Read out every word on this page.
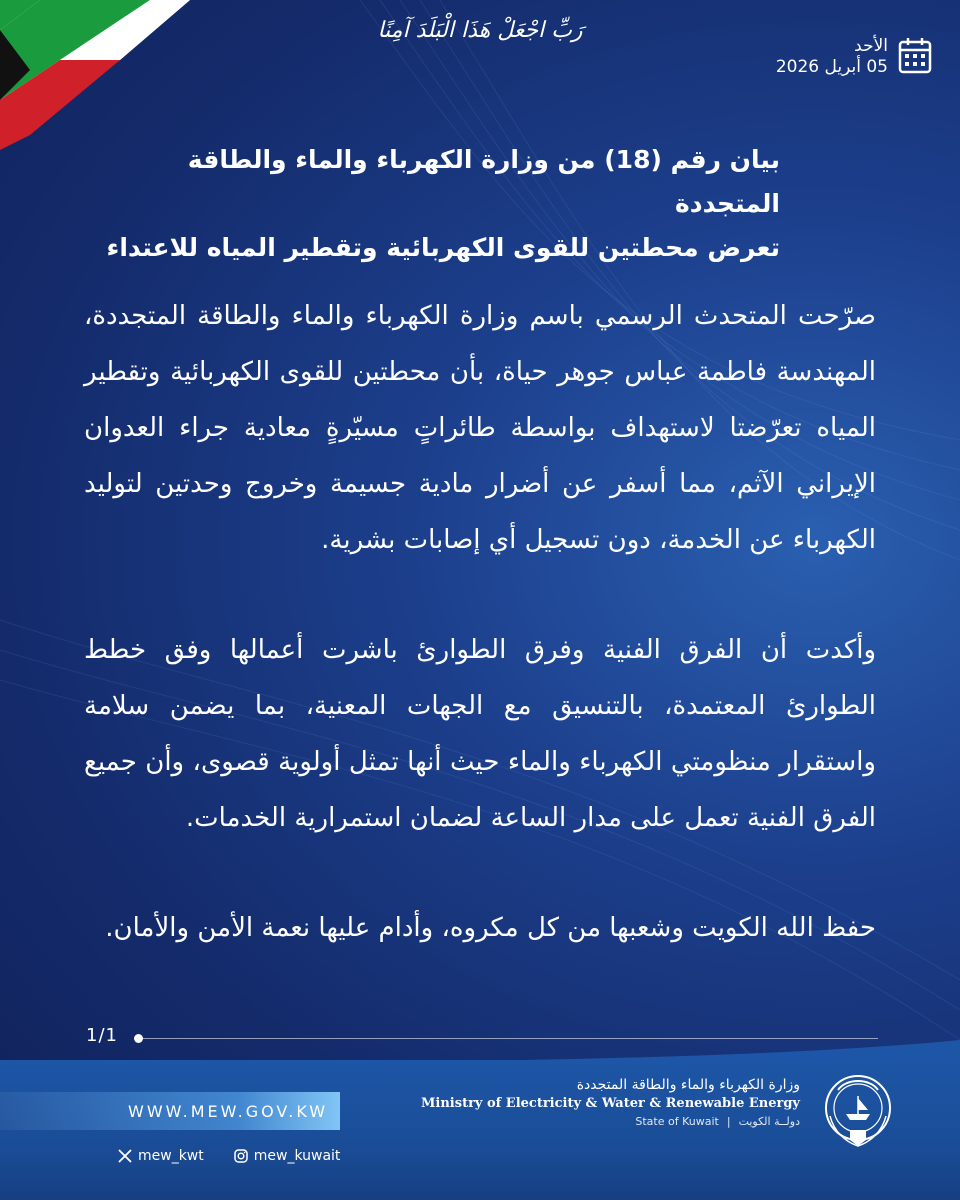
رَبِّ اجْعَلْ هَذَا الْبَلَدَ آمِنًا
الأحد
05 أبريل 2026
بيان رقم (18) من وزارة الكهرباء والماء والطاقة المتجددة
تعرض محطتين للقوى الكهربائية وتقطير المياه للاعتداء

صرّحت المتحدث الرسمي باسم وزارة الكهرباء والماء والطاقة المتجددة، المهندسة فاطمة عباس جوهر حياة، بأن محطتين للقوى الكهربائية وتقطير المياه تعرّضتا لاستهداف بواسطة طائراتٍ مسيّرةٍ معادية جراء العدوان الإيراني الآثم، مما أسفر عن أضرار مادية جسيمة وخروج وحدتين لتوليد الكهرباء عن الخدمة، دون تسجيل أي إصابات بشرية.

وأكدت أن الفرق الفنية وفرق الطوارئ باشرت أعمالها وفق خطط الطوارئ المعتمدة، بالتنسيق مع الجهات المعنية، بما يضمن سلامة واستقرار منظومتي الكهرباء والماء حيث أنها تمثل أولوية قصوى، وأن جميع الفرق الفنية تعمل على مدار الساعة لضمان استمرارية الخدمات.

حفظ الله الكويت وشعبها من كل مكروه، وأدام عليها نعمة الأمن والأمان.

1/1
WWW.MEW.GOV.KW
mew_kwt	mew_kuwait
وزارة الكهرباء والماء والطاقة المتجددة
Ministry of Electricity & Water & Renewable Energy
State of Kuwait | دولــة الكويت
